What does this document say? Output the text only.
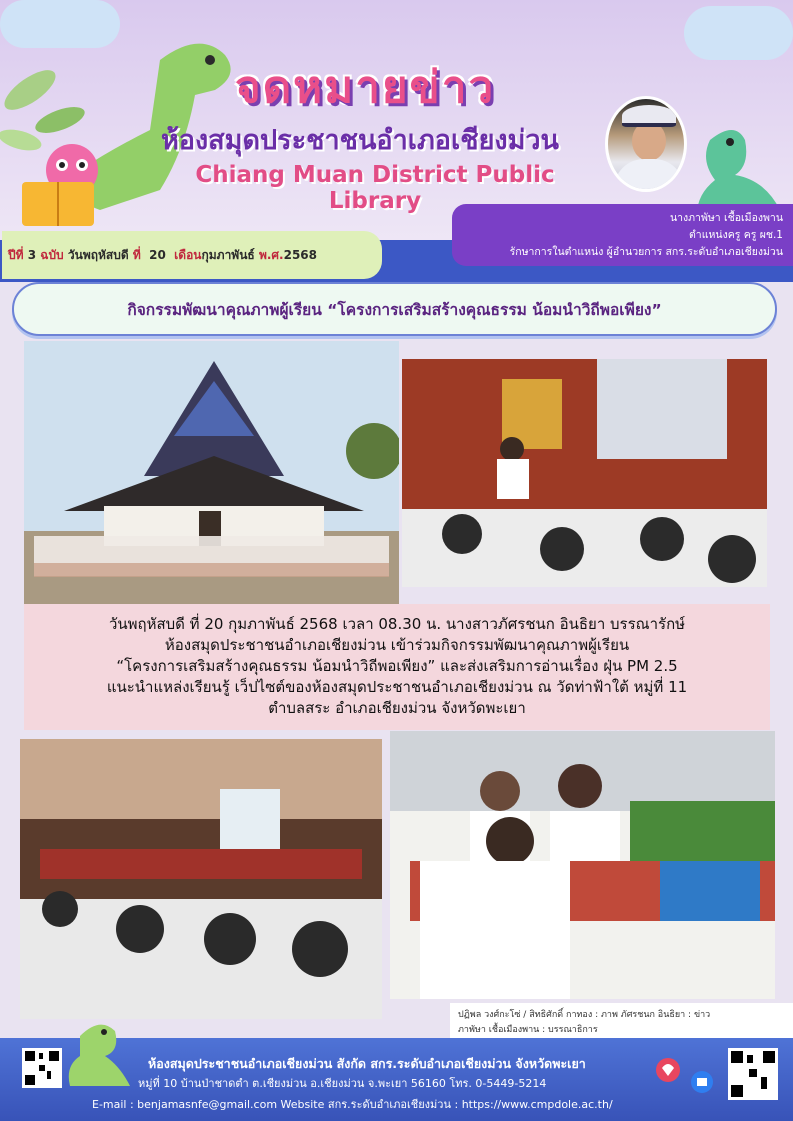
จดหมายข่าว
ห้องสมุดประชาชนอำเภอเชียงม่วน
Chiang Muan District Public Library
นางภาพัษา เชื้อเมืองพาน
ตำแหน่งครู ครู ผช.1
รักษาการในตำแหน่ง ผู้อำนวยการ สกร.ระดับอำเภอเชียงม่วน
ปีที่
3
ฉบับ
วันพฤหัสบดี
ที่
20
เดือน กุมภาพันธ์
พ.ศ. 2568
กิจกรรมพัฒนาคุณภาพผู้เรียน “โครงการเสริมสร้างคุณธรรม น้อมนำวิถีพอเพียง”
วันพฤหัสบดี ที่ 20 กุมภาพันธ์ 2568 เวลา 08.30 น. นางสาวภัศรชนก อินธิยา บรรณารักษ์
ห้องสมุดประชาชนอำเภอเชียงม่วน เข้าร่วมกิจกรรมพัฒนาคุณภาพผู้เรียน
“โครงการเสริมสร้างคุณธรรม น้อมนำวิถีพอเพียง” และส่งเสริมการอ่านเรื่อง ฝุ่น PM 2.5
แนะนำแหล่งเรียนรู้ เว็ปไซต์ของห้องสมุดประชาชนอำเภอเชียงม่วน ณ วัดท่าฟ้าใต้ หมู่ที่ 11
ตำบลสระ อำเภอเชียงม่วน จังหวัดพะเยา
ปฏิพล วงศ์กะโซ่ / สิทธิศักดิ์ กาทอง : ภาพ ภัศรชนก อินธิยา : ข่าว
ภาพัษา เชื้อเมืองพาน : บรรณาธิการ
ห้องสมุดประชาชนอำเภอเชียงม่วน สังกัด สกร.ระดับอำเภอเชียงม่วน จังหวัดพะเยา
หมู่ที่ 10 บ้านป่าชาดตำ ต.เชียงม่วน อ.เชียงม่วน จ.พะเยา 56160 โทร. 0-5449-5214
E-mail : benjamasnfe@gmail.com Website สกร.ระดับอำเภอเชียงม่วน : https://www.cmpdole.ac.th/
